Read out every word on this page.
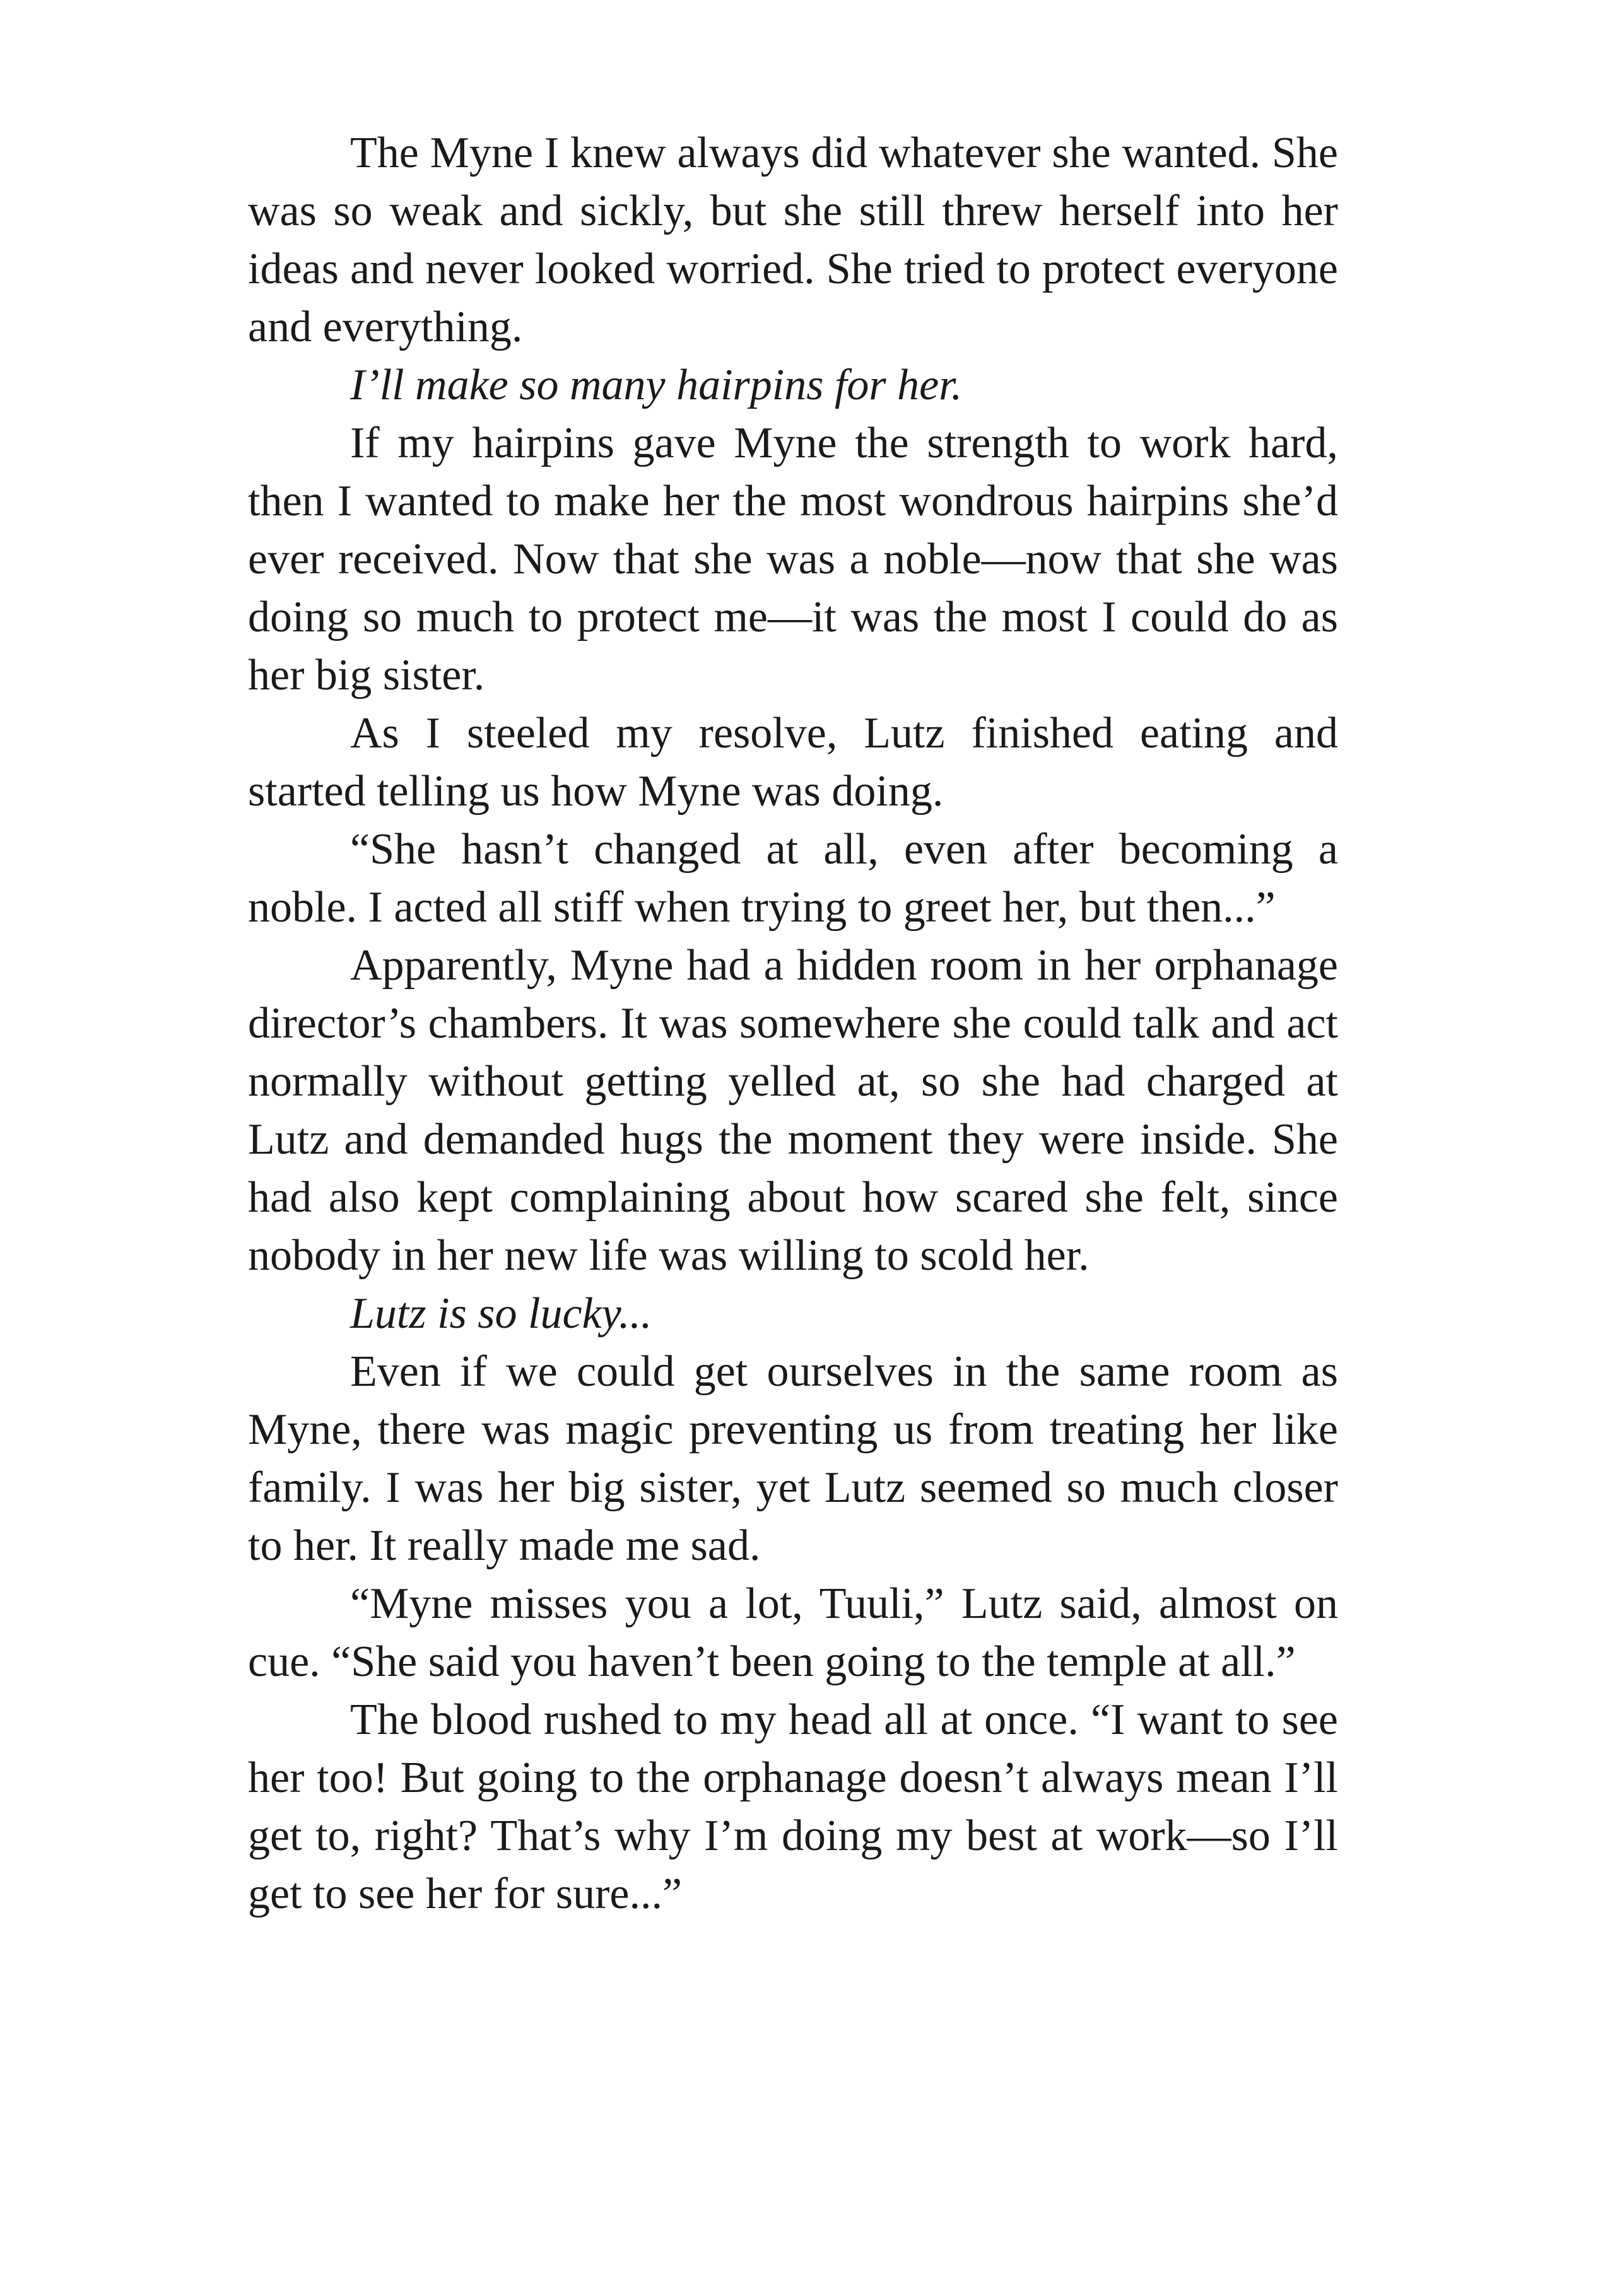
The Myne I knew always did whatever she wanted. She was so weak and sickly, but she still threw herself into her ideas and never looked worried. She tried to protect everyone and everything.

I’ll make so many hairpins for her.

If my hairpins gave Myne the strength to work hard, then I wanted to make her the most wondrous hairpins she’d ever received. Now that she was a noble—now that she was doing so much to protect me—it was the most I could do as her big sister.

As I steeled my resolve, Lutz finished eating and started telling us how Myne was doing.

“She hasn’t changed at all, even after becoming a noble. I acted all stiff when trying to greet her, but then...”

Apparently, Myne had a hidden room in her orphanage director’s chambers. It was somewhere she could talk and act normally without getting yelled at, so she had charged at Lutz and demanded hugs the moment they were inside. She had also kept complaining about how scared she felt, since nobody in her new life was willing to scold her.

Lutz is so lucky...

Even if we could get ourselves in the same room as Myne, there was magic preventing us from treating her like family. I was her big sister, yet Lutz seemed so much closer to her. It really made me sad.

“Myne misses you a lot, Tuuli,” Lutz said, almost on cue. “She said you haven’t been going to the temple at all.”

The blood rushed to my head all at once. “I want to see her too! But going to the orphanage doesn’t always mean I’ll get to, right? That’s why I’m doing my best at work—so I’ll get to see her for sure...”
